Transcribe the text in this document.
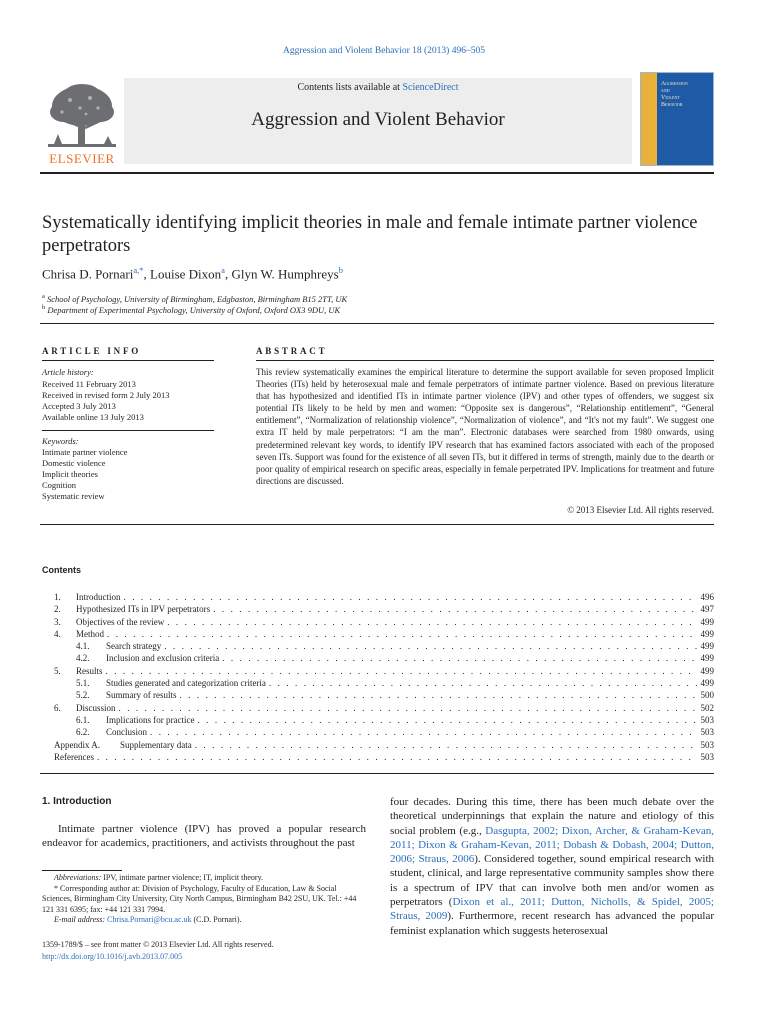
Aggression and Violent Behavior 18 (2013) 496–505
Contents lists available at ScienceDirect
Aggression and Violent Behavior
ELSEVIER
Aggression
and
Violent
Behavior
Systematically identifying implicit theories in male and female intimate partner violence perpetrators
Chrisa D. Pornari$^{a,*}$, Louise Dixon$^a$, Glyn W. Humphreys$^b$
$^a$ School of Psychology, University of Birmingham, Edgbaston, Birmingham B15 2TT, UK
$^b$ Department of Experimental Psychology, University of Oxford, Oxford OX3 9DU, UK
ARTICLE INFO
Article history:
Received 11 February 2013
Received in revised form 2 July 2013
Accepted 3 July 2013
Available online 13 July 2013
Keywords:
Intimate partner violence
Domestic violence
Implicit theories
Cognition
Systematic review
ABSTRACT
This review systematically examines the empirical literature to determine the support available for seven proposed Implicit Theories (ITs) held by heterosexual male and female perpetrators of intimate partner violence. Based on previous literature that has hypothesized and identified ITs in intimate partner violence (IPV) and other types of offenders, we suggest six potential ITs likely to be held by men and women: “Opposite sex is dangerous”, “Relationship entitlement”, “General entitlement”, “Normalization of relationship violence”, “Normalization of violence”, and “It's not my fault”. We suggest one extra IT held by male perpetrators: “I am the man”. Electronic databases were searched from 1980 onwards, using predetermined relevant key words, to identify IPV research that has examined factors associated with each of the proposed seven ITs. Support was found for the existence of all seven ITs, but it differed in terms of strength, mainly due to the dearth or poor quality of empirical research on specific areas, especially in female perpetrated IPV. Implications for treatment and future directions are discussed.
© 2013 Elsevier Ltd. All rights reserved.
Contents
1.	Introduction . . .	496
2.	Hypothesized ITs in IPV perpetrators . . .	497
3.	Objectives of the review . . .	499
4.	Method . . .	499
4.1.	Search strategy . . .	499
4.2.	Inclusion and exclusion criteria . . .	499
5.	Results . . .	499
5.1.	Studies generated and categorization criteria . . .	499
5.2.	Summary of results . . .	500
6.	Discussion . . .	502
6.1.	Implications for practice . . .	503
6.2.	Conclusion . . .	503
Appendix A.	Supplementary data . . .	503
References . . .	503
1. Introduction
Intimate partner violence (IPV) has proved a popular research endeavor for academics, practitioners, and activists throughout the past
four decades. During this time, there has been much debate over the theoretical underpinnings that explain the nature and etiology of this social problem (e.g., Dasgupta, 2002; Dixon, Archer, & Graham-Kevan, 2011; Dixon & Graham-Kevan, 2011; Dobash & Dobash, 2004; Dutton, 2006; Straus, 2006). Considered together, sound empirical research with student, clinical, and large representative community samples show there is a spectrum of IPV that can involve both men and/or women as perpetrators (Dixon et al., 2011; Dutton, Nicholls, & Spidel, 2005; Straus, 2009). Furthermore, recent research has advanced the popular feminist explanation which suggests heterosexual
Abbreviations: IPV, intimate partner violence; IT, implicit theory.
* Corresponding author at: Division of Psychology, Faculty of Education, Law & Social Sciences, Birmingham City University, City North Campus, Birmingham B42 2SU, UK. Tel.: +44 121 331 6395; fax: +44 121 331 7994.
E-mail address: Chrisa.Pornari@bcu.ac.uk (C.D. Pornari).
1359-1789/$ – see front matter © 2013 Elsevier Ltd. All rights reserved.
http://dx.doi.org/10.1016/j.avb.2013.07.005
